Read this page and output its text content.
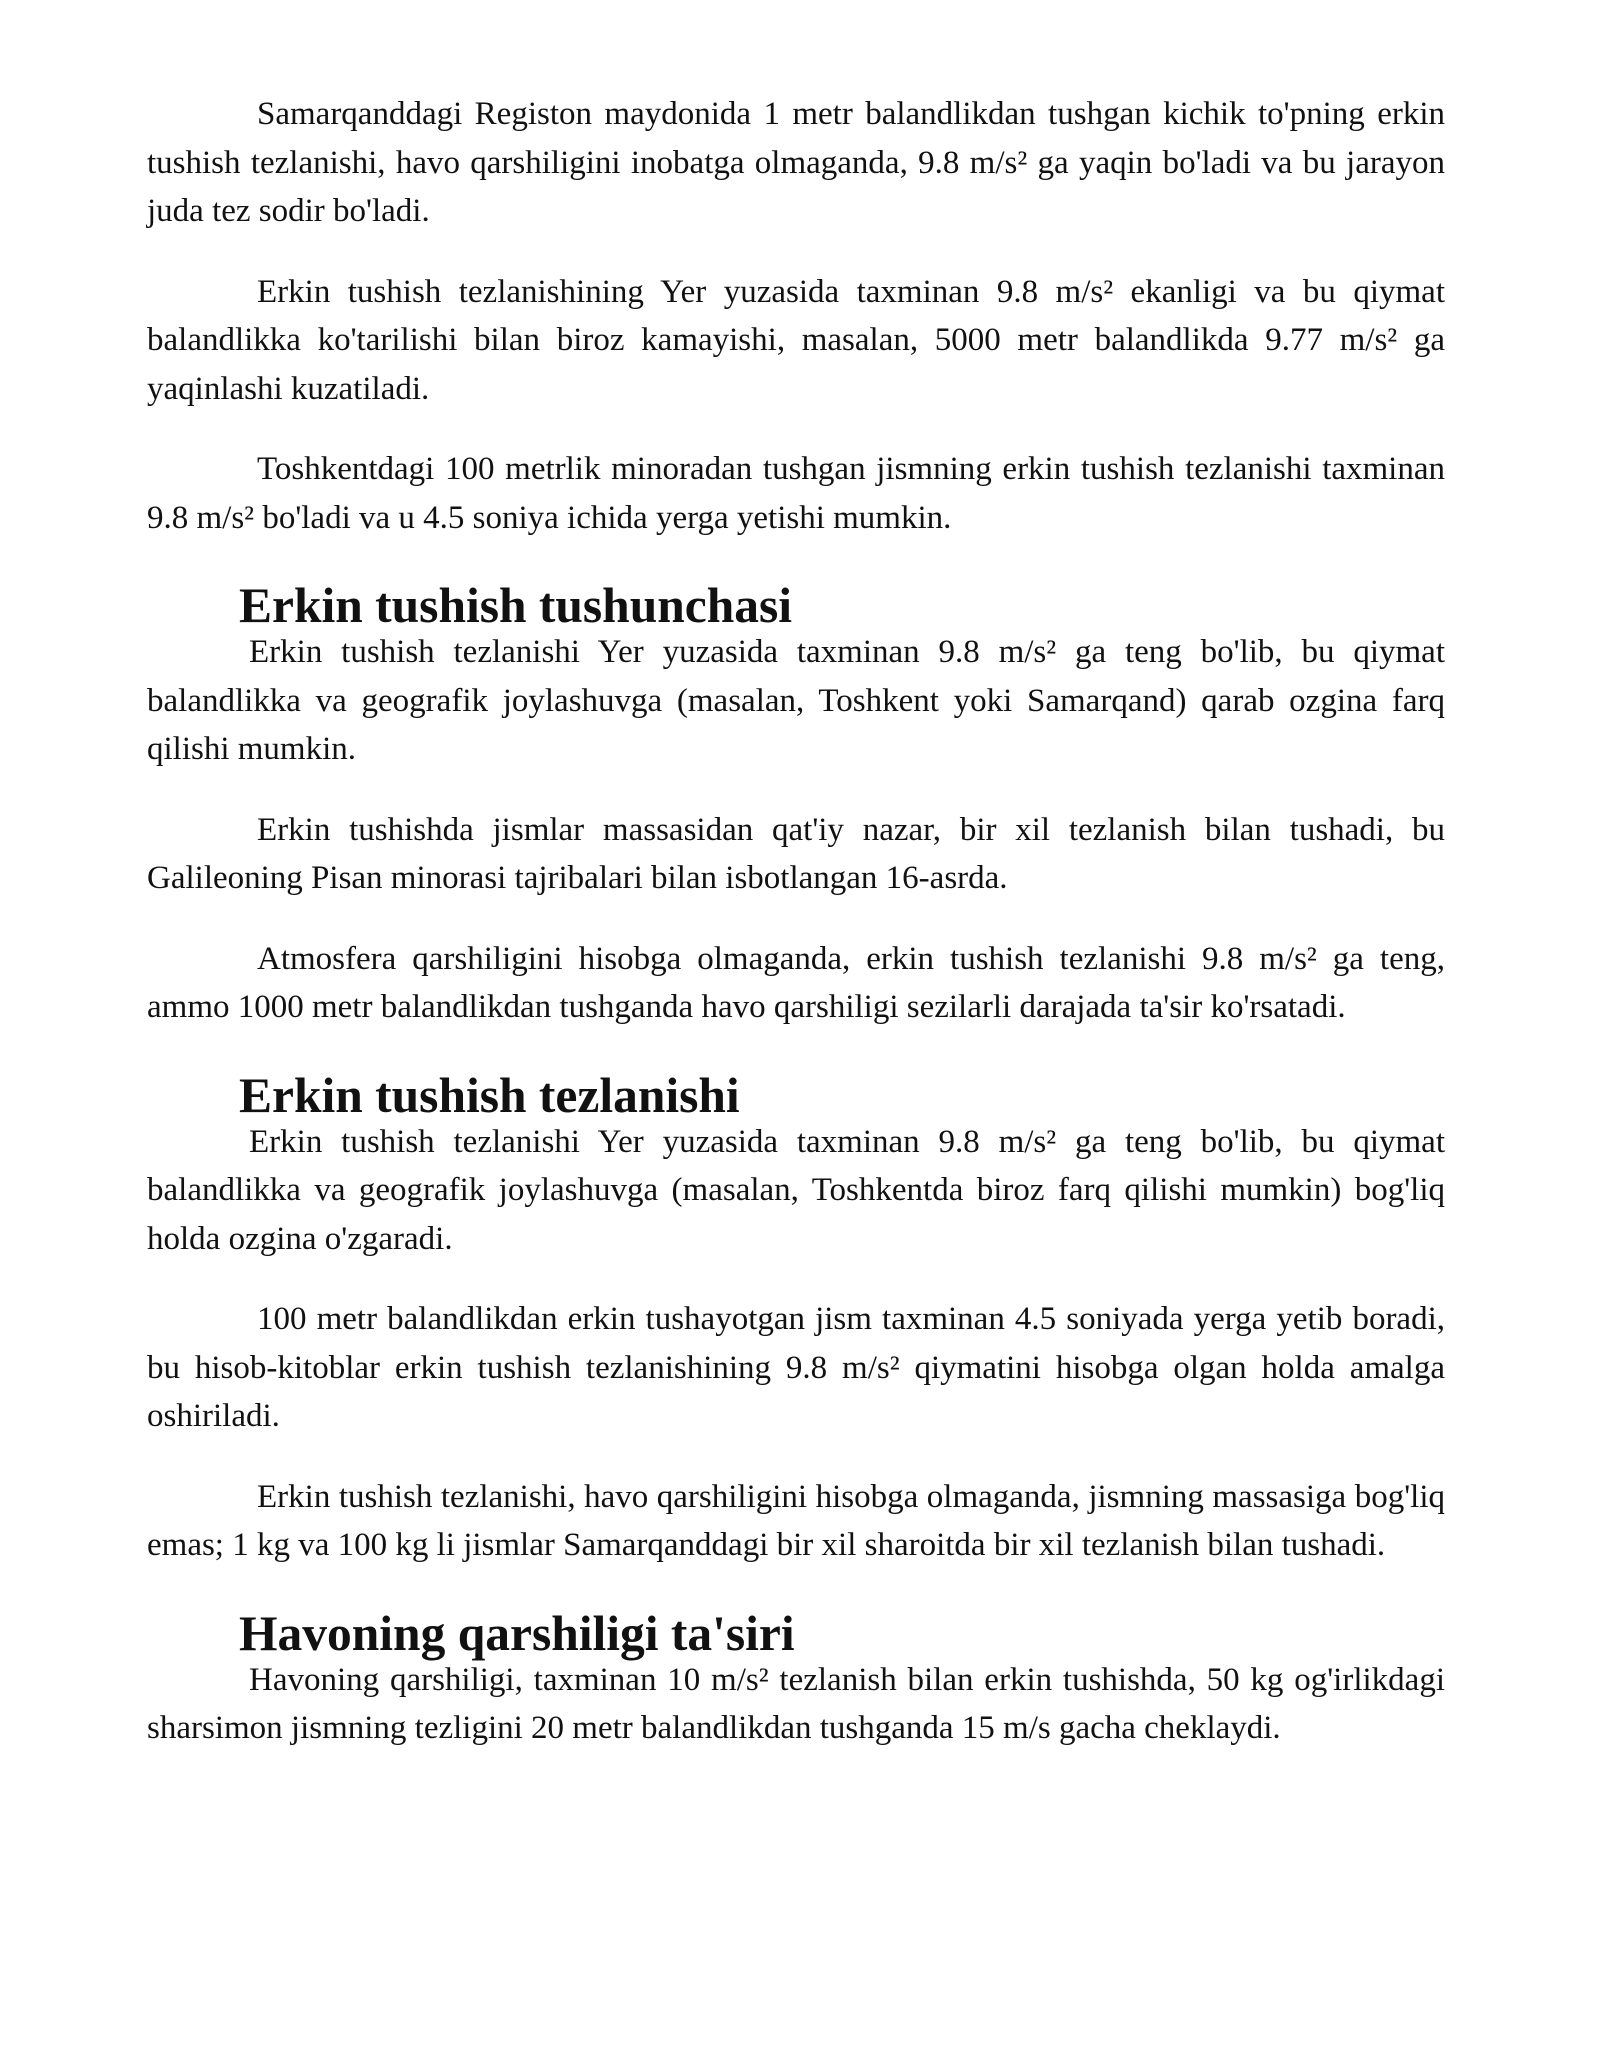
Samarqanddagi Registon maydonida 1 metr balandlikdan tushgan kichik to'pning erkin tushish tezlanishi, havo qarshiligini inobatga olmaganda, 9.8 m/s² ga yaqin bo'ladi va bu jarayon juda tez sodir bo'ladi.

Erkin tushish tezlanishining Yer yuzasida taxminan 9.8 m/s² ekanligi va bu qiymat balandlikka ko'tarilishi bilan biroz kamayishi, masalan, 5000 metr balandlikda 9.77 m/s² ga yaqinlashi kuzatiladi.

Toshkentdagi 100 metrlik minoradan tushgan jismning erkin tushish tezlanishi taxminan 9.8 m/s² bo'ladi va u 4.5 soniya ichida yerga yetishi mumkin.

Erkin tushish tushunchasi

Erkin tushish tezlanishi Yer yuzasida taxminan 9.8 m/s² ga teng bo'lib, bu qiymat balandlikka va geografik joylashuvga (masalan, Toshkent yoki Samarqand) qarab ozgina farq qilishi mumkin.

Erkin tushishda jismlar massasidan qat'iy nazar, bir xil tezlanish bilan tushadi, bu Galileoning Pisan minorasi tajribalari bilan isbotlangan 16-asrda.

Atmosfera qarshiligini hisobga olmaganda, erkin tushish tezlanishi 9.8 m/s² ga teng, ammo 1000 metr balandlikdan tushganda havo qarshiligi sezilarli darajada ta'sir ko'rsatadi.

Erkin tushish tezlanishi

Erkin tushish tezlanishi Yer yuzasida taxminan 9.8 m/s² ga teng bo'lib, bu qiymat balandlikka va geografik joylashuvga (masalan, Toshkentda biroz farq qilishi mumkin) bog'liq holda ozgina o'zgaradi.

100 metr balandlikdan erkin tushayotgan jism taxminan 4.5 soniyada yerga yetib boradi, bu hisob-kitoblar erkin tushish tezlanishining 9.8 m/s² qiymatini hisobga olgan holda amalga oshiriladi.

Erkin tushish tezlanishi, havo qarshiligini hisobga olmaganda, jismning massasiga bog'liq emas; 1 kg va 100 kg li jismlar Samarqanddagi bir xil sharoitda bir xil tezlanish bilan tushadi.

Havoning qarshiligi ta'siri

Havoning qarshiligi, taxminan 10 m/s² tezlanish bilan erkin tushishda, 50 kg og'irlikdagi sharsimon jismning tezligini 20 metr balandlikdan tushganda 15 m/s gacha cheklaydi.
